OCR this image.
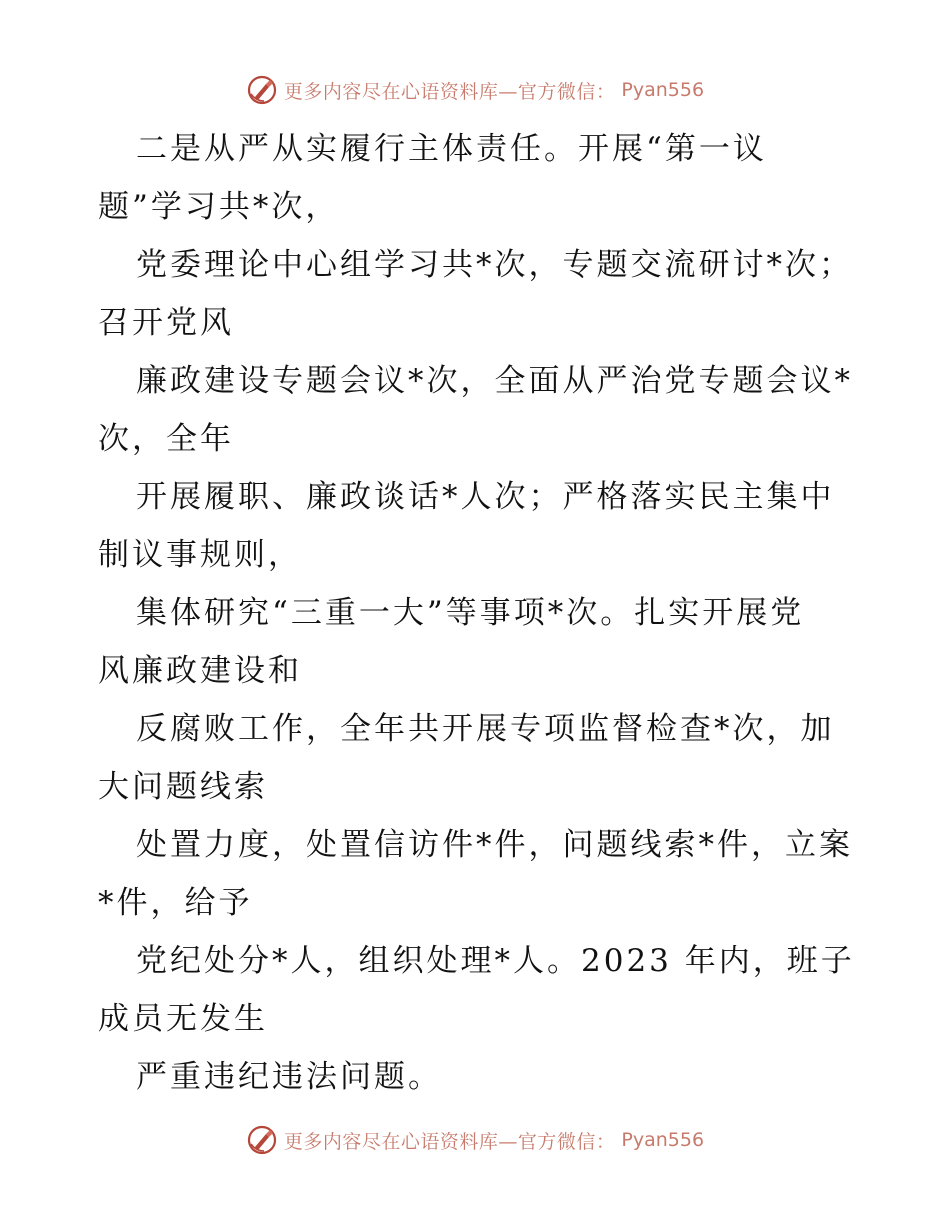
更多内容尽在心语资料库—官方微信： Pyan556
二是从严从实履行主体责任。开展“第一议
题”学习共*次，
党委理论中心组学习共*次，专题交流研讨*次；
召开党风
廉政建设专题会议*次，全面从严治党专题会议*
次，全年
开展履职、廉政谈话*人次；严格落实民主集中
制议事规则，
集体研究“三重一大”等事项*次。扎实开展党
风廉政建设和
反腐败工作，全年共开展专项监督检查*次，加
大问题线索
处置力度，处置信访件*件，问题线索*件，立案
*件，给予
党纪处分*人，组织处理*人。2023 年内，班子
成员无发生
严重违纪违法问题。
更多内容尽在心语资料库—官方微信： Pyan556
